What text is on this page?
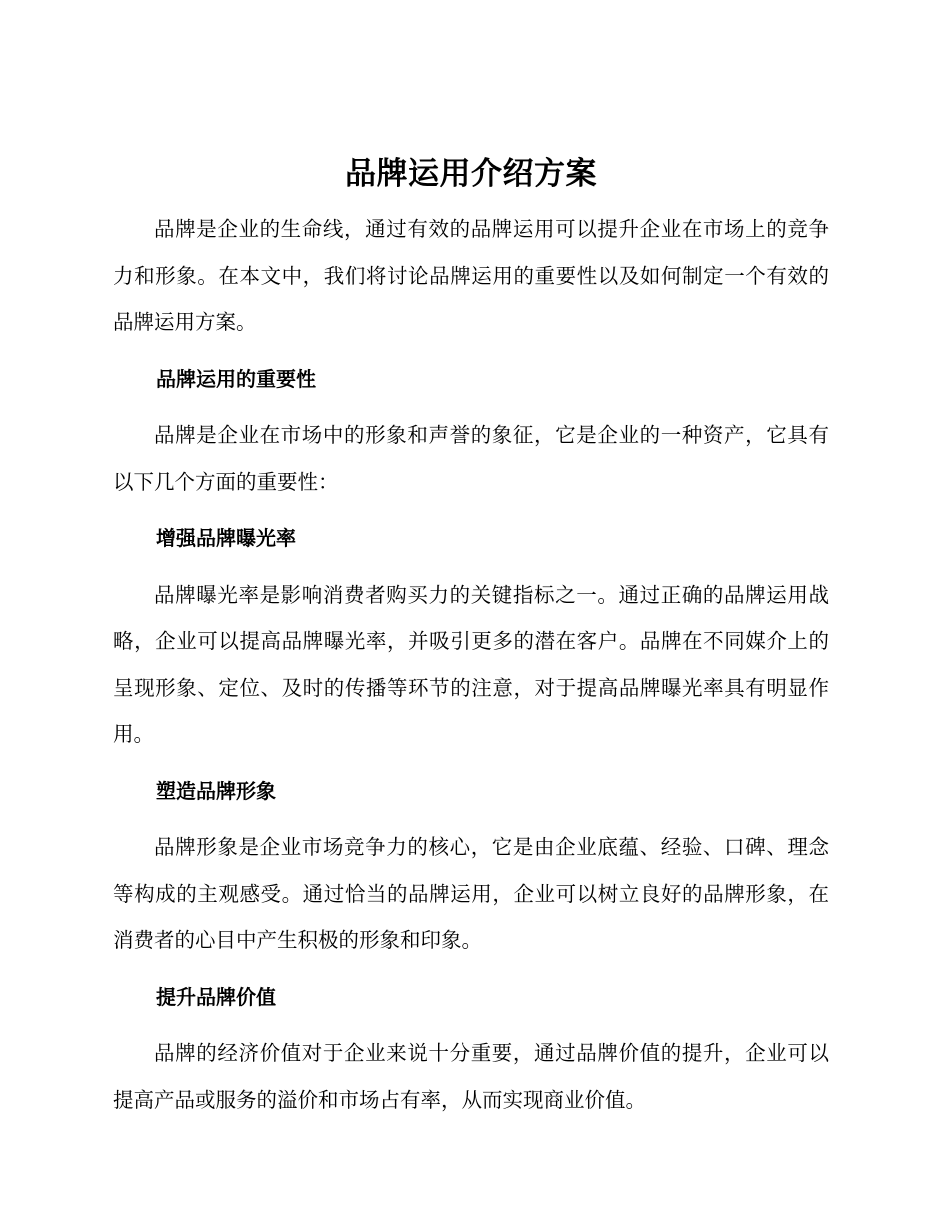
品牌运用介绍方案

品牌是企业的生命线，通过有效的品牌运用可以提升企业在市场上的竞争力和形象。在本文中，我们将讨论品牌运用的重要性以及如何制定一个有效的品牌运用方案。

品牌运用的重要性

品牌是企业在市场中的形象和声誉的象征，它是企业的一种资产，它具有以下几个方面的重要性：

增强品牌曝光率

品牌曝光率是影响消费者购买力的关键指标之一。通过正确的品牌运用战略，企业可以提高品牌曝光率，并吸引更多的潜在客户。品牌在不同媒介上的呈现形象、定位、及时的传播等环节的注意，对于提高品牌曝光率具有明显作用。

塑造品牌形象

品牌形象是企业市场竞争力的核心，它是由企业底蕴、经验、口碑、理念等构成的主观感受。通过恰当的品牌运用，企业可以树立良好的品牌形象，在消费者的心目中产生积极的形象和印象。

提升品牌价值

品牌的经济价值对于企业来说十分重要，通过品牌价值的提升，企业可以提高产品或服务的溢价和市场占有率，从而实现商业价值。
